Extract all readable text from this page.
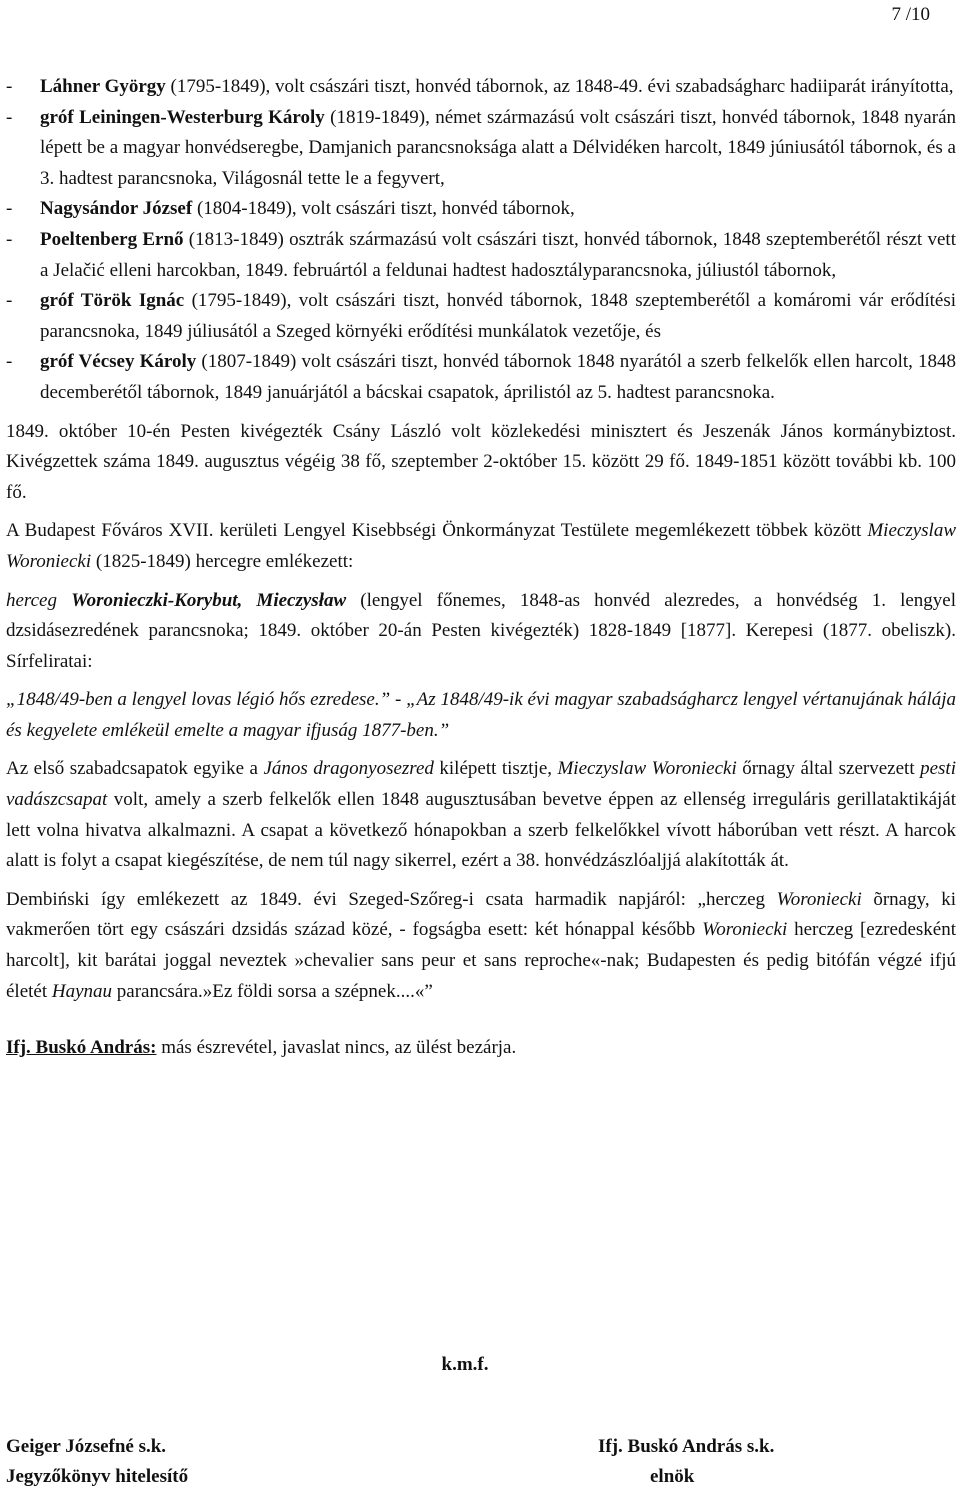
7 /10
- Láhner György (1795-1849), volt császári tiszt, honvéd tábornok, az 1848-49. évi szabadságharc hadiiparát irányította,
- gróf Leiningen-Westerburg Károly (1819-1849), német származású volt császári tiszt, honvéd tábornok, 1848 nyarán lépett be a magyar honvédseregbe, Damjanich parancsnoksága alatt a Délvidéken harcolt, 1849 júniusától tábornok, és a 3. hadtest parancsnoka, Világosnál tette le a fegyvert,
- Nagysándor József (1804-1849), volt császári tiszt, honvéd tábornok,
- Poeltenberg Ernő (1813-1849) osztrák származású volt császári tiszt, honvéd tábornok, 1848 szeptemberétől részt vett a Jelačić elleni harcokban, 1849. februártól a feldunai hadtest hadosztályparancsnoka, júliustól tábornok,
- gróf Török Ignác (1795-1849), volt császári tiszt, honvéd tábornok, 1848 szeptemberétől a komáromi vár erődítési parancsnoka, 1849 júliusától a Szeged környéki erődítési munkálatok vezetője, és
- gróf Vécsey Károly (1807-1849) volt császári tiszt, honvéd tábornok 1848 nyarától a szerb felkelők ellen harcolt, 1848 decemberétől tábornok, 1849 januárjától a bácskai csapatok, áprilistól az 5. hadtest parancsnoka.

1849. október 10-én Pesten kivégezték Csány László volt közlekedési minisztert és Jeszenák János kormánybiztost. Kivégzettek száma 1849. augusztus végéig 38 fő, szeptember 2-október 15. között 29 fő. 1849-1851 között további kb. 100 fő.

A Budapest Főváros XVII. kerületi Lengyel Kisebbségi Önkormányzat Testülete megemlékezett többek között Mieczyslaw Woroniecki (1825-1849) hercegre emlékezett:

herceg Woronieczki-Korybut, Mieczysław (lengyel főnemes, 1848-as honvéd alezredes, a honvédség 1. lengyel dzsidásezredének parancsnoka; 1849. október 20-án Pesten kivégezték) 1828-1849 [1877]. Kerepesi (1877. obeliszk). Sírfeliratai:

„1848/49-ben a lengyel lovas légió hős ezredese.” - „Az 1848/49-ik évi magyar szabadságharcz lengyel vértanujának hálája és kegyelete emlékeül emelte a magyar ifjuság 1877-ben.”

Az első szabadcsapatok egyike a János dragonyosezred kilépett tisztje, Mieczyslaw Woroniecki őrnagy által szervezett pesti vadászcsapat volt, amely a szerb felkelők ellen 1848 augusztusában bevetve éppen az ellenség irreguláris gerillataktikáját lett volna hivatva alkalmazni. A csapat a következő hónapokban a szerb felkelőkkel vívott háborúban vett részt. A harcok alatt is folyt a csapat kiegészítése, de nem túl nagy sikerrel, ezért a 38. honvédzászlóaljjá alakították át.

Dembiński így emlékezett az 1849. évi Szeged-Szőreg-i csata harmadik napjáról: „herczeg Woroniecki õrnagy, ki vakmerően tört egy császári dzsidás század közé, - fogságba esett: két hónappal később Woroniecki herczeg [ezredesként harcolt], kit barátai joggal neveztek »chevalier sans peur et sans reproche«-nak; Budapesten és pedig bitófán végzé ifjú életét Haynau parancsára.»Ez földi sorsa a szépnek....«”

Ifj. Buskó András: más észrevétel, javaslat nincs, az ülést bezárja.

k.m.f.
Geiger Józsefné s.k.
Jegyzőkönyv hitelesítő
Ifj. Buskó András s.k.
elnök
